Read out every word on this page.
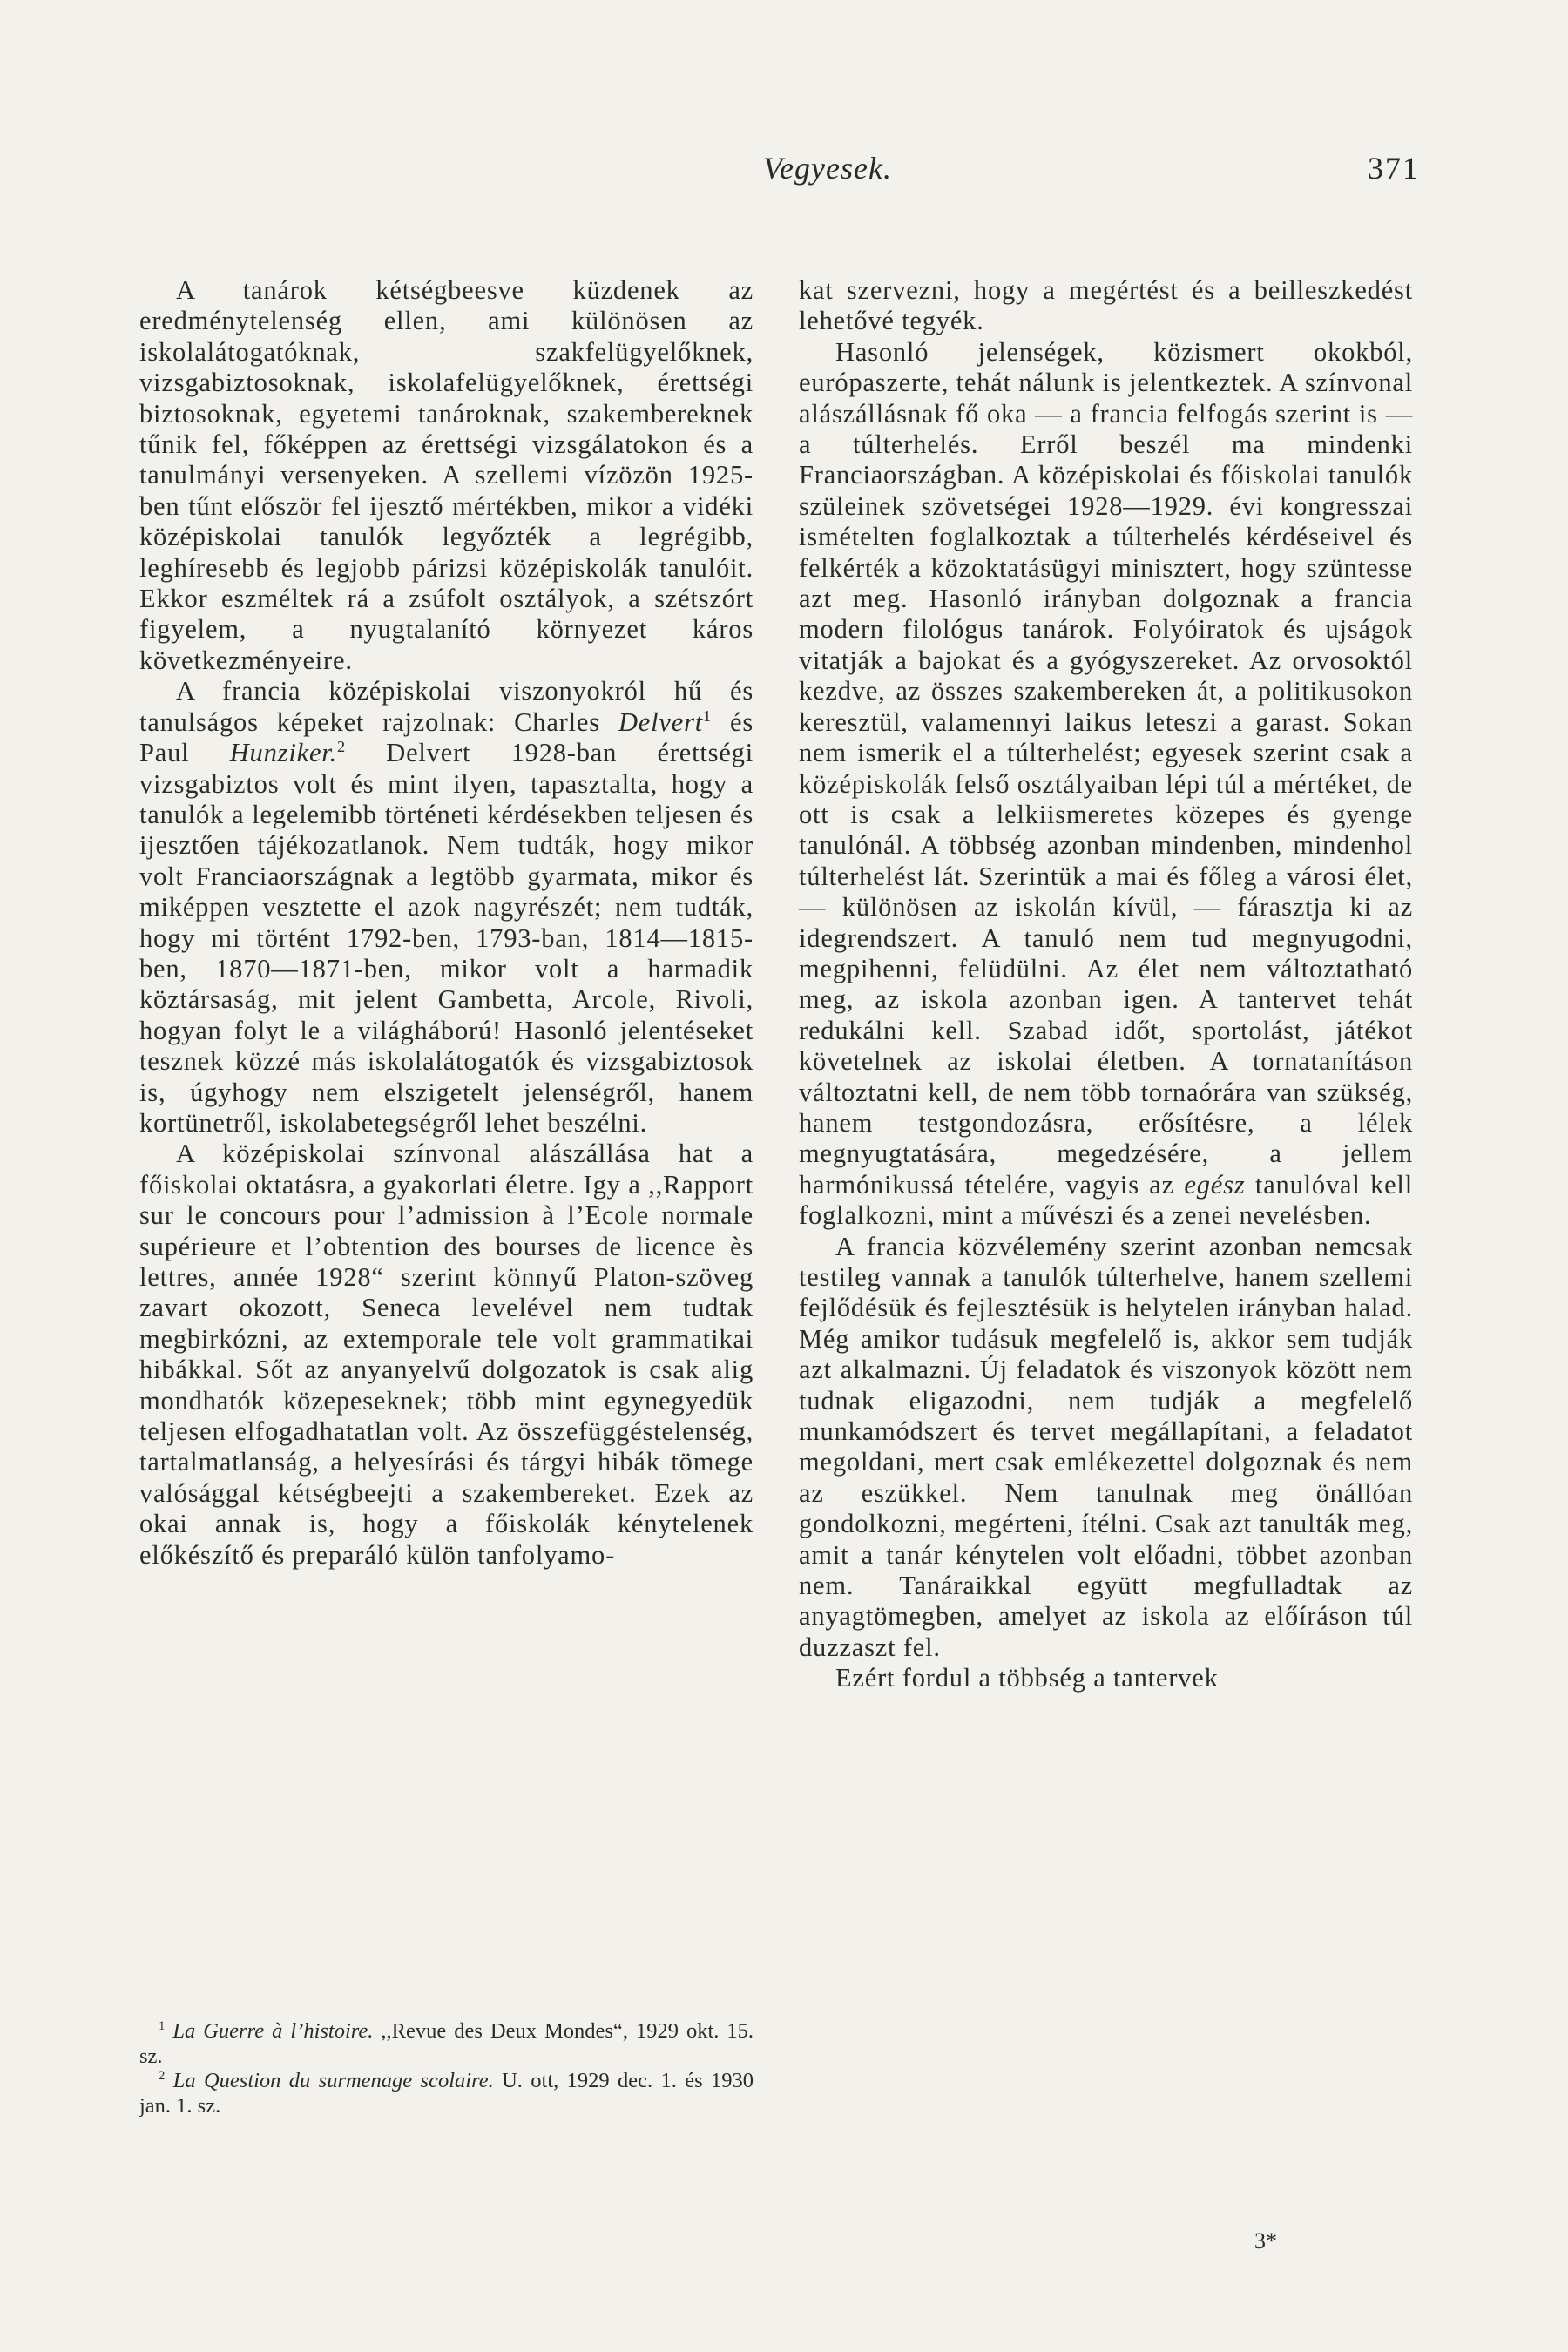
Vegyesek.	371

A tanárok kétségbeesve küzdenek az eredménytelenség ellen, ami különösen az iskolalátogatóknak, szakfelügyelőknek, vizsgabiztosoknak, iskolafelügyelőknek, érettségi biztosoknak, egyetemi tanároknak, szakembereknek tűnik fel, főképpen az érettségi vizsgálatokon és a tanulmányi versenyeken. A szellemi vízözön 1925-ben tűnt először fel ijesztő mértékben, mikor a vidéki középiskolai tanulók legyőzték a legrégibb, leghíresebb és legjobb párizsi középiskolák tanulóit. Ekkor eszméltek rá a zsúfolt osztályok, a szétszórt figyelem, a nyugtalanító környezet káros következményeire.

A francia középiskolai viszonyokról hű és tanulságos képeket rajzolnak: Charles Delvert$^1$ és Paul Hunziker.$^2$ Delvert 1928-ban érettségi vizsgabiztos volt és mint ilyen, tapasztalta, hogy a tanulók a legelemibb történeti kérdésekben teljesen és ijesztően tájékozatlanok. Nem tudták, hogy mikor volt Franciaországnak a legtöbb gyarmata, mikor és miképpen vesztette el azok nagyrészét; nem tudták, hogy mi történt 1792-ben, 1793-ban, 1814—1815-ben, 1870—1871-ben, mikor volt a harmadik köztársaság, mit jelent Gambetta, Arcole, Rivoli, hogyan folyt le a világháború! Hasonló jelentéseket tesznek közzé más iskolalátogatók és vizsgabiztosok is, úgyhogy nem elszigetelt jelenségről, hanem kortünetről, iskolabetegségről lehet beszélni.

A középiskolai színvonal alászállása hat a főiskolai oktatásra, a gyakorlati életre. Igy a ,,Rapport sur le concours pour l’admission à l’Ecole normale supérieure et l’obtention des bourses de licence ès lettres, année 1928“ szerint könnyű Platon-szöveg zavart okozott, Seneca levelével nem tudtak megbirkózni, az extemporale tele volt grammatikai hibákkal. Sőt az anyanyelvű dolgozatok is csak alig mondhatók közepeseknek; több mint egynegyedük teljesen elfogadhatatlan volt. Az összefüggéstelenség, tartalmatlanság, a helyesírási és tárgyi hibák tömege valósággal kétségbeejti a szakembereket. Ezek az okai annak is, hogy a főiskolák kénytelenek előkészítő és preparáló külön tanfolyamo-

$^1$ La Guerre à l’histoire. ,,Revue des Deux Mondes“, 1929 okt. 15. sz.

$^2$ La Question du surmenage scolaire. U. ott, 1929 dec. 1. és 1930 jan. 1. sz.

kat szervezni, hogy a megértést és a beilleszkedést lehetővé tegyék.

Hasonló jelenségek, közismert okokból, európaszerte, tehát nálunk is jelentkeztek. A színvonal alászállásnak fő oka — a francia felfogás szerint is — a túlterhelés. Erről beszél ma mindenki Franciaországban. A középiskolai és főiskolai tanulók szüleinek szövetségei 1928—1929. évi kongresszai ismételten foglalkoztak a túlterhelés kérdéseivel és felkérték a közoktatásügyi minisztert, hogy szüntesse azt meg. Hasonló irányban dolgoznak a francia modern filológus tanárok. Folyóiratok és ujságok vitatják a bajokat és a gyógyszereket. Az orvosoktól kezdve, az összes szakembereken át, a politikusokon keresztül, valamennyi laikus leteszi a garast. Sokan nem ismerik el a túlterhelést; egyesek szerint csak a középiskolák felső osztályaiban lépi túl a mértéket, de ott is csak a lelkiismeretes közepes és gyenge tanulónál. A többség azonban mindenben, mindenhol túlterhelést lát. Szerintük a mai és főleg a városi élet, — különösen az iskolán kívül, — fárasztja ki az idegrendszert. A tanuló nem tud megnyugodni, megpihenni, felüdülni. Az élet nem változtatható meg, az iskola azonban igen. A tantervet tehát redukálni kell. Szabad időt, sportolást, játékot követelnek az iskolai életben. A tornatanításon változtatni kell, de nem több tornaórára van szükség, hanem testgondozásra, erősítésre, a lélek megnyugtatására, megedzésére, a jellem harmónikussá tételére, vagyis az egész tanulóval kell foglalkozni, mint a művészi és a zenei nevelésben.

A francia közvélemény szerint azonban nemcsak testileg vannak a tanulók túlterhelve, hanem szellemi fejlődésük és fejlesztésük is helytelen irányban halad. Még amikor tudásuk megfelelő is, akkor sem tudják azt alkalmazni. Új feladatok és viszonyok között nem tudnak eligazodni, nem tudják a megfelelő munkamódszert és tervet megállapítani, a feladatot megoldani, mert csak emlékezettel dolgoznak és nem az eszükkel. Nem tanulnak meg önállóan gondolkozni, megérteni, ítélni. Csak azt tanulták meg, amit a tanár kénytelen volt előadni, többet azonban nem. Tanáraikkal együtt megfulladtak az anyagtömegben, amelyet az iskola az előíráson túl duzzaszt fel.

Ezért fordul a többség a tantervek

3*
